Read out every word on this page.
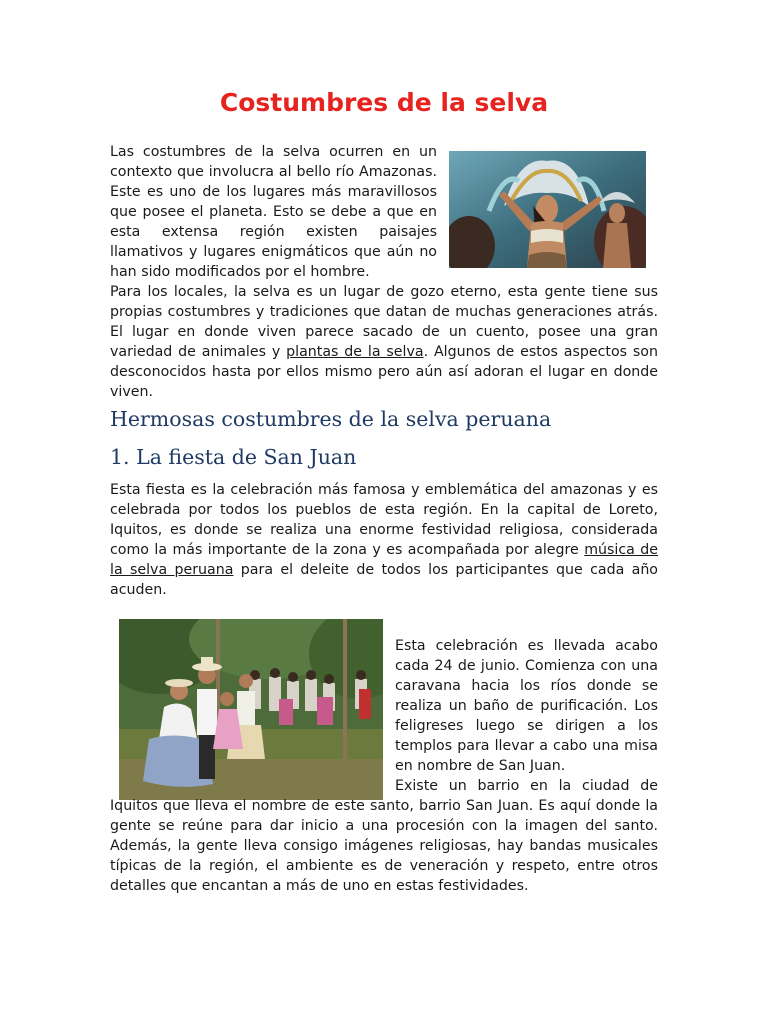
Costumbres de la selva

Las costumbres de la selva ocurren en un contexto que involucra al bello río Amazonas. Este es uno de los lugares más maravillosos que posee el planeta. Esto se debe a que en esta extensa región existen paisajes llamativos y lugares enigmáticos que aún no han sido modificados por el hombre.

Para los locales, la selva es un lugar de gozo eterno, esta gente tiene sus propias costumbres y tradiciones que datan de muchas generaciones atrás. El lugar en donde viven parece sacado de un cuento, posee una gran variedad de animales y plantas de la selva. Algunos de estos aspectos son desconocidos hasta por ellos mismo pero aún así adoran el lugar en donde viven.

Hermosas costumbres de la selva peruana
1. La fiesta de San Juan

Esta fiesta es la celebración más famosa y emblemática del amazonas y es celebrada por todos los pueblos de esta región. En la capital de Loreto, Iquitos, es donde se realiza una enorme festividad religiosa, considerada como la más importante de la zona y es acompañada por alegre música de la selva peruana para el deleite de todos los participantes que cada año acuden.

Esta celebración es llevada acabo cada 24 de junio. Comienza con una caravana hacia los ríos donde se realiza un baño de purificación. Los feligreses luego se dirigen a los templos para llevar a cabo una misa en nombre de San Juan.

Existe un barrio en la ciudad de Iquitos que lleva el nombre de este santo, barrio San Juan. Es aquí donde la gente se reúne para dar inicio a una procesión con la imagen del santo. Además, la gente lleva consigo imágenes religiosas, hay bandas musicales típicas de la región, el ambiente es de veneración y respeto, entre otros detalles que encantan a más de uno en estas festividades.
